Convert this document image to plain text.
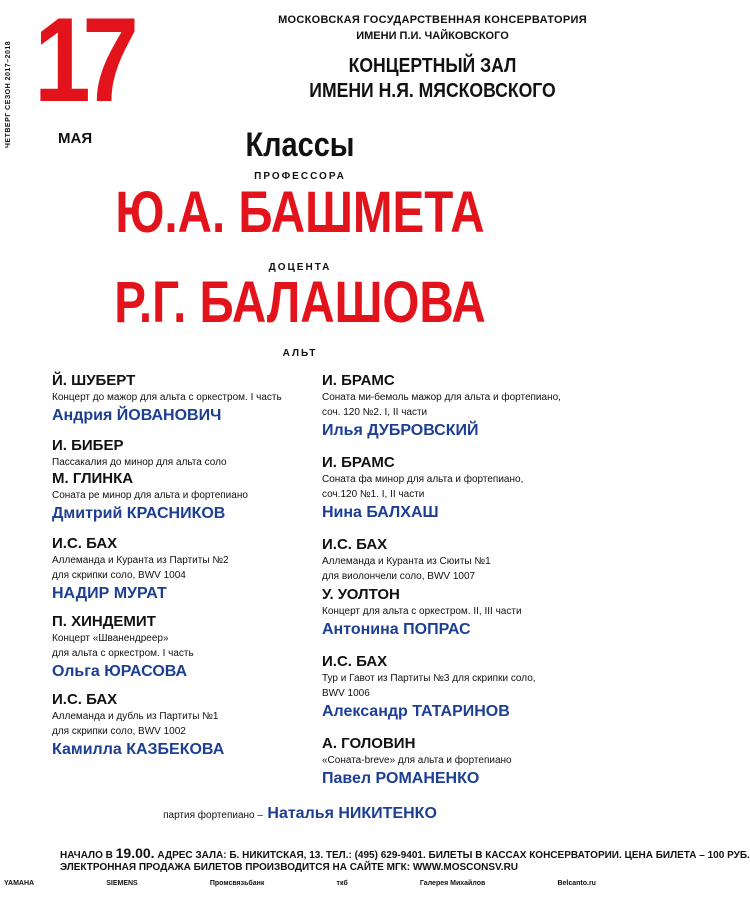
17
МАЯ
ЧЕТВЕРГ СЕЗОН 2017–2018
МОСКОВСКАЯ ГОСУДАРСТВЕННАЯ КОНСЕРВАТОРИЯ
ИМЕНИ П.И. ЧАЙКОВСКОГО
КОНЦЕРТНЫЙ ЗАЛ
ИМЕНИ Н.Я. МЯСКОВСКОГО
Классы
ПРОФЕССОРА
Ю.А. БАШМЕТА
ДОЦЕНТА
Р.Г. БАЛАШОВА
АЛЬТ
Й. ШУБЕРТ
Концерт до мажор для альта с оркестром. I часть
Андрия ЙОВАНОВИЧ
И. БИБЕР
Пассакалия до минор для альта соло
М. ГЛИНКА
Соната ре минор для альта и фортепиано
Дмитрий КРАСНИКОВ
И.С. БАХ
Аллеманда и Куранта из Партиты №2
для скрипки соло, BWV 1004
НАДИР МУРАТ
П. ХИНДЕМИТ
Концерт «Шванендреер»
для альта с оркестром. I часть
Ольга ЮРАСОВА
И.С. БАХ
Аллеманда и дубль из Партиты №1
для скрипки соло, BWV 1002
Камилла КАЗБЕКОВА
И. БРАМС
Соната ми-бемоль мажор для альта и фортепиано,
соч. 120 №2. I, II части
Илья ДУБРОВСКИЙ
И. БРАМС
Соната фа минор для альта и фортепиано,
соч.120 №1. I, II части
Нина БАЛХАШ
И.С. БАХ
Аллеманда и Куранта из Сюиты №1
для виолончели соло, BWV 1007
У. УОЛТОН
Концерт для альта с оркестром. II, III части
Антонина ПОПРАС
И.С. БАХ
Тур и Гавот из Партиты №3 для скрипки соло,
BWV 1006
Александр ТАТАРИНОВ
А. ГОЛОВИН
«Соната-breve» для альта и фортепиано
Павел РОМАНЕНКО
партия фортепиано – Наталья НИКИТЕНКО
НАЧАЛО В 19.00. АДРЕС ЗАЛА: Б. НИКИТСКАЯ, 13. ТЕЛ.: (495) 629-9401. БИЛЕТЫ В КАССАХ КОНСЕРВАТОРИИ. ЦЕНА БИЛЕТА – 100 РУБ.
ЭЛЕКТРОННАЯ ПРОДАЖА БИЛЕТОВ ПРОИЗВОДИТСЯ НА САЙТЕ МГК: WWW.MOSCONSV.RU
YAMAHA	SIEMENS	Промсвязьбанк	ткб	Галерея Михайлов	Belcanto.ru
